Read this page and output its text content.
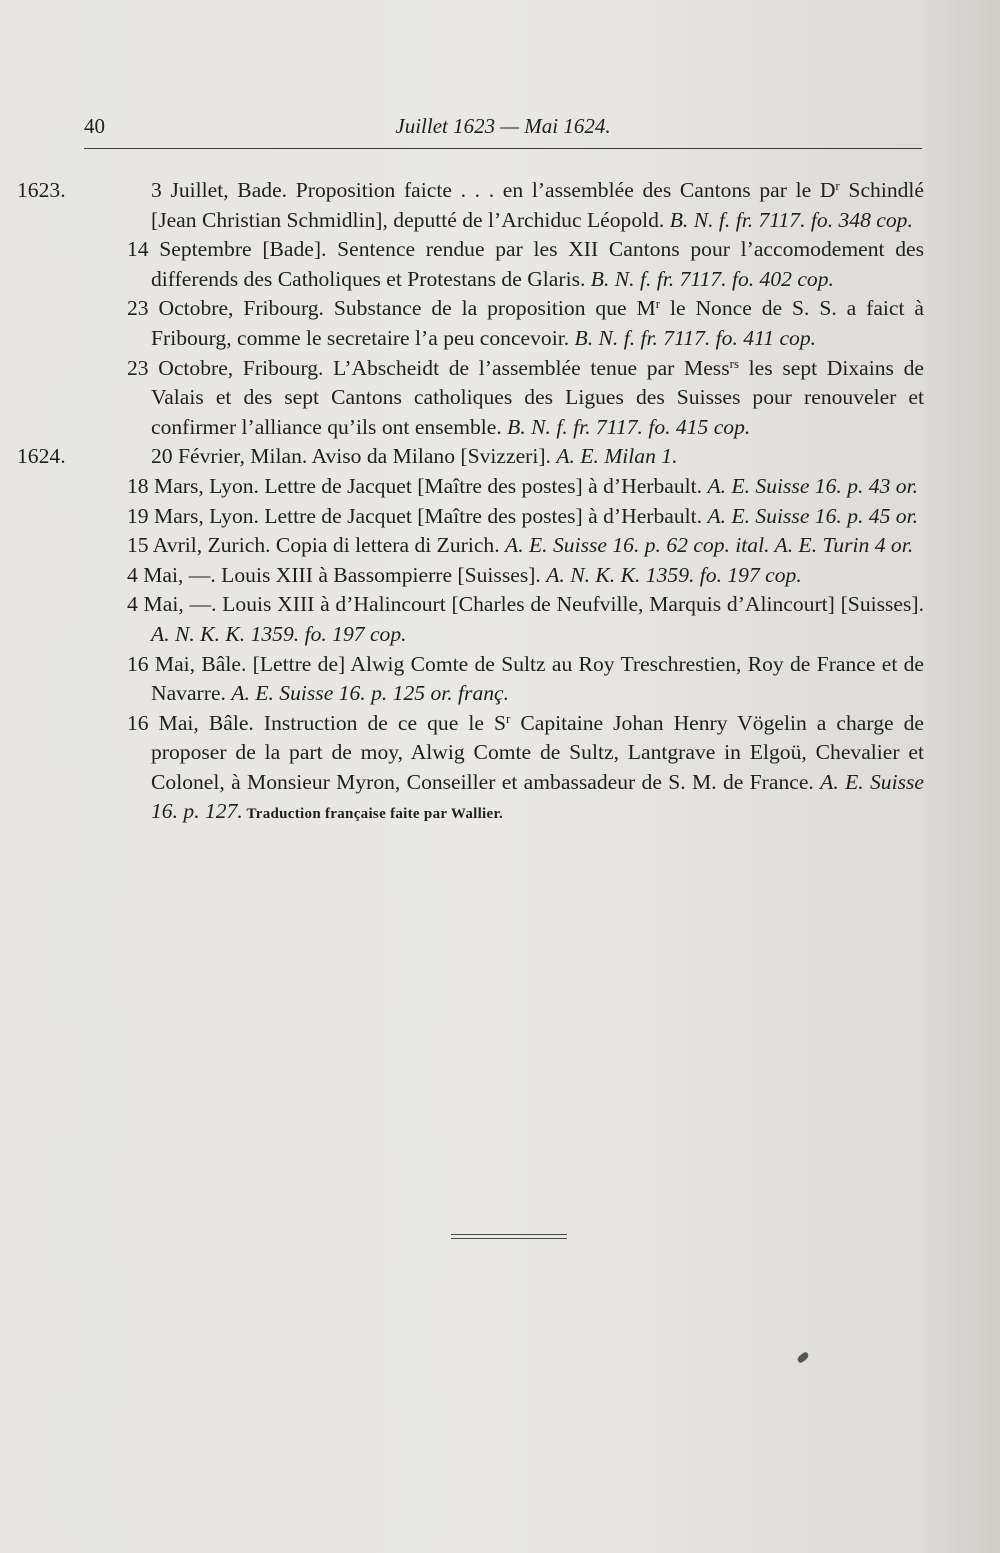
40	Juillet 1623 — Mai 1624.

1623.	3 Juillet, Bade. Proposition faicte . . . en l’assemblée des Cantons par le $D^r$ Schindlé [Jean Christian Schmidlin], deputté de l’Archiduc Léopold. B. N. f. fr. 7117. fo. 348 cop.

14 Septembre [Bade]. Sentence rendue par les XII Cantons pour l’accomodement des differends des Catholiques et Protestans de Glaris. B. N. f. fr. 7117. fo. 402 cop.

23 Octobre, Fribourg. Substance de la proposition que $M^r$ le Nonce de S. S. a faict à Fribourg, comme le secretaire l’a peu concevoir. B. N. f. fr. 7117. fo. 411 cop.

23 Octobre, Fribourg. L’Abscheidt de l’assemblée tenue par Mess$^{rs}$ les sept Dixains de Valais et des sept Cantons catholiques des Ligues des Suisses pour renouveler et confirmer l’alliance qu’ils ont ensemble. B. N. f. fr. 7117. fo. 415 cop.

1624.	20 Février, Milan. Aviso da Milano [Svizzeri]. A. E. Milan 1.

18 Mars, Lyon. Lettre de Jacquet [Maître des postes] à d’Herbault. A. E. Suisse 16. p. 43 or.

19 Mars, Lyon. Lettre de Jacquet [Maître des postes] à d’Herbault. A. E. Suisse 16. p. 45 or.

15 Avril, Zurich. Copia di lettera di Zurich. A. E. Suisse 16. p. 62 cop. ital. A. E. Turin 4 or.

4 Mai, —. Louis XIII à Bassompierre [Suisses]. A. N. K. K. 1359. fo. 197 cop.

4 Mai, —. Louis XIII à d’Halincourt [Charles de Neufville, Marquis d’Alincourt] [Suisses]. A. N. K. K. 1359. fo. 197 cop.

16 Mai, Bâle. [Lettre de] Alwig Comte de Sultz au Roy Treschrestien, Roy de France et de Navarre. A. E. Suisse 16. p. 125 or. franç.

16 Mai, Bâle. Instruction de ce que le $S^r$ Capitaine Johan Henry Vögelin a charge de proposer de la part de moy, Alwig Comte de Sultz, Lantgrave in Elgoü, Chevalier et Colonel, à Monsieur Myron, Conseiller et ambassadeur de S. M. de France. A. E. Suisse 16. p. 127. Traduction française faite par Wallier.
